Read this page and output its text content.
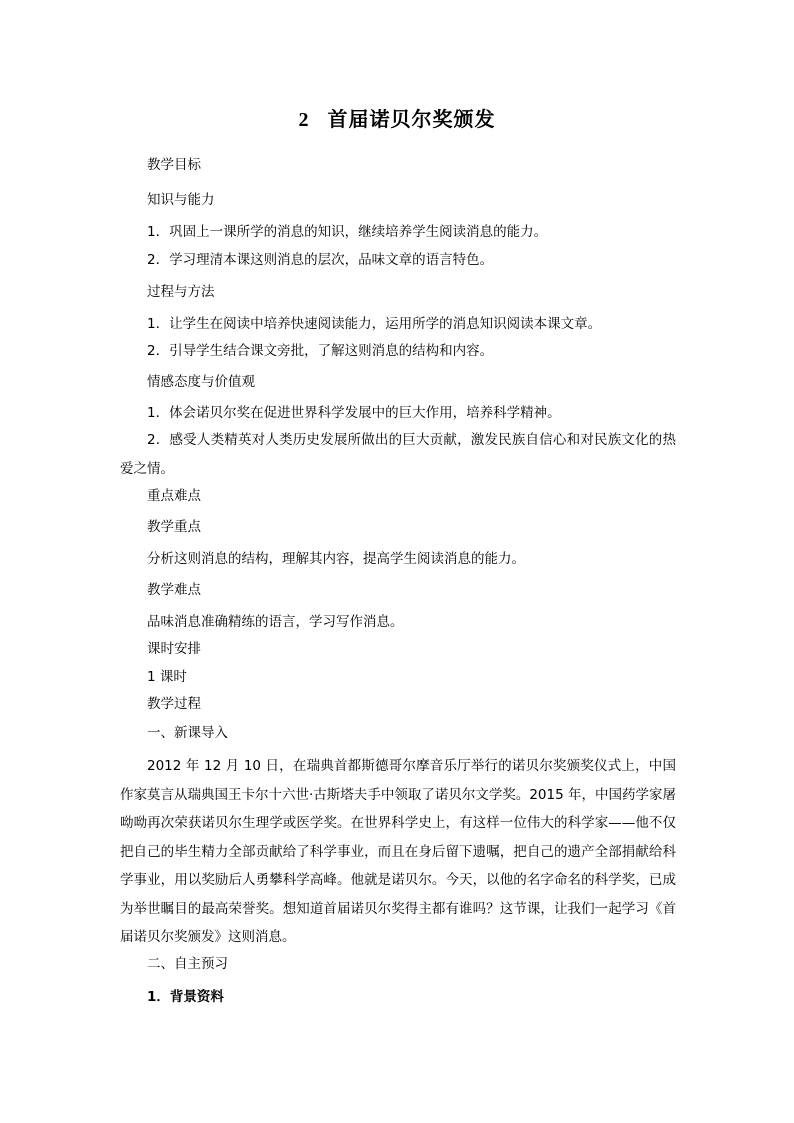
2 首届诺贝尔奖颁发
教学目标
知识与能力
1．巩固上一课所学的消息的知识，继续培养学生阅读消息的能力。
2．学习理清本课这则消息的层次，品味文章的语言特色。
过程与方法
1．让学生在阅读中培养快速阅读能力，运用所学的消息知识阅读本课文章。
2．引导学生结合课文旁批，了解这则消息的结构和内容。
情感态度与价值观
1．体会诺贝尔奖在促进世界科学发展中的巨大作用，培养科学精神。
2．感受人类精英对人类历史发展所做出的巨大贡献，激发民族自信心和对民族文化的热爱之情。
重点难点
教学重点
分析这则消息的结构，理解其内容，提高学生阅读消息的能力。
教学难点
品味消息准确精练的语言，学习写作消息。
课时安排
1 课时
教学过程
一、新课导入
2012 年 12 月 10 日，在瑞典首都斯德哥尔摩音乐厅举行的诺贝尔奖颁奖仪式上，中国作家莫言从瑞典国王卡尔十六世·古斯塔夫手中领取了诺贝尔文学奖。2015 年，中国药学家屠呦呦再次荣获诺贝尔生理学或医学奖。在世界科学史上，有这样一位伟大的科学家——他不仅把自己的毕生精力全部贡献给了科学事业，而且在身后留下遗嘱，把自己的遗产全部捐献给科学事业，用以奖励后人勇攀科学高峰。他就是诺贝尔。今天，以他的名字命名的科学奖，已成为举世瞩目的最高荣誉奖。想知道首届诺贝尔奖得主都有谁吗？这节课，让我们一起学习《首届诺贝尔奖颁发》这则消息。
二、自主预习
1．背景资料
